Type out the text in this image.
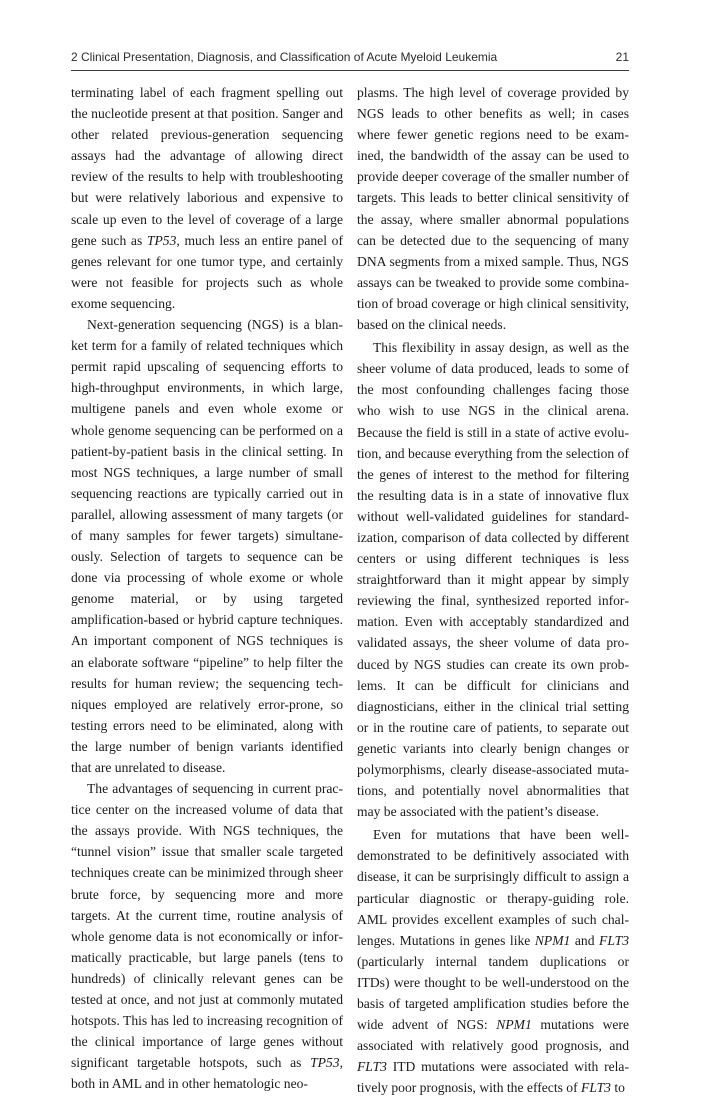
2 Clinical Presentation, Diagnosis, and Classification of Acute Myeloid Leukemia	21

terminating label of each fragment spelling out the nucleotide present at that position. Sanger and other related previous-generation sequencing assays had the advantage of allowing direct review of the results to help with troubleshooting but were relatively laborious and expensive to scale up even to the level of coverage of a large gene such as TP53, much less an entire panel of genes relevant for one tumor type, and certainly were not feasible for projects such as whole exome sequencing.

Next-generation sequencing (NGS) is a blanket term for a family of related techniques which permit rapid upscaling of sequencing efforts to high-throughput environments, in which large, multigene panels and even whole exome or whole genome sequencing can be performed on a patient-by-patient basis in the clinical setting. In most NGS techniques, a large number of small sequencing reactions are typically carried out in parallel, allowing assessment of many targets (or of many samples for fewer targets) simultaneously. Selection of targets to sequence can be done via processing of whole exome or whole genome material, or by using targeted amplification-based or hybrid capture techniques. An important component of NGS techniques is an elaborate software “pipeline” to help filter the results for human review; the sequencing techniques employed are relatively error-prone, so testing errors need to be eliminated, along with the large number of benign variants identified that are unrelated to disease.

The advantages of sequencing in current practice center on the increased volume of data that the assays provide. With NGS techniques, the “tunnel vision” issue that smaller scale targeted techniques create can be minimized through sheer brute force, by sequencing more and more targets. At the current time, routine analysis of whole genome data is not economically or informatically practicable, but large panels (tens to hundreds) of clinically relevant genes can be tested at once, and not just at commonly mutated hotspots. This has led to increasing recognition of the clinical importance of large genes without significant targetable hotspots, such as TP53, both in AML and in other hematologic neo-

plasms. The high level of coverage provided by NGS leads to other benefits as well; in cases where fewer genetic regions need to be examined, the bandwidth of the assay can be used to provide deeper coverage of the smaller number of targets. This leads to better clinical sensitivity of the assay, where smaller abnormal populations can be detected due to the sequencing of many DNA segments from a mixed sample. Thus, NGS assays can be tweaked to provide some combination of broad coverage or high clinical sensitivity, based on the clinical needs.

This flexibility in assay design, as well as the sheer volume of data produced, leads to some of the most confounding challenges facing those who wish to use NGS in the clinical arena. Because the field is still in a state of active evolution, and because everything from the selection of the genes of interest to the method for filtering the resulting data is in a state of innovative flux without well-validated guidelines for standardization, comparison of data collected by different centers or using different techniques is less straightforward than it might appear by simply reviewing the final, synthesized reported information. Even with acceptably standardized and validated assays, the sheer volume of data produced by NGS studies can create its own problems. It can be difficult for clinicians and diagnosticians, either in the clinical trial setting or in the routine care of patients, to separate out genetic variants into clearly benign changes or polymorphisms, clearly disease-associated mutations, and potentially novel abnormalities that may be associated with the patient’s disease.

Even for mutations that have been well-demonstrated to be definitively associated with disease, it can be surprisingly difficult to assign a particular diagnostic or therapy-guiding role. AML provides excellent examples of such challenges. Mutations in genes like NPM1 and FLT3 (particularly internal tandem duplications or ITDs) were thought to be well-understood on the basis of targeted amplification studies before the wide advent of NGS: NPM1 mutations were associated with relatively good prognosis, and FLT3 ITD mutations were associated with relatively poor prognosis, with the effects of FLT3 to
